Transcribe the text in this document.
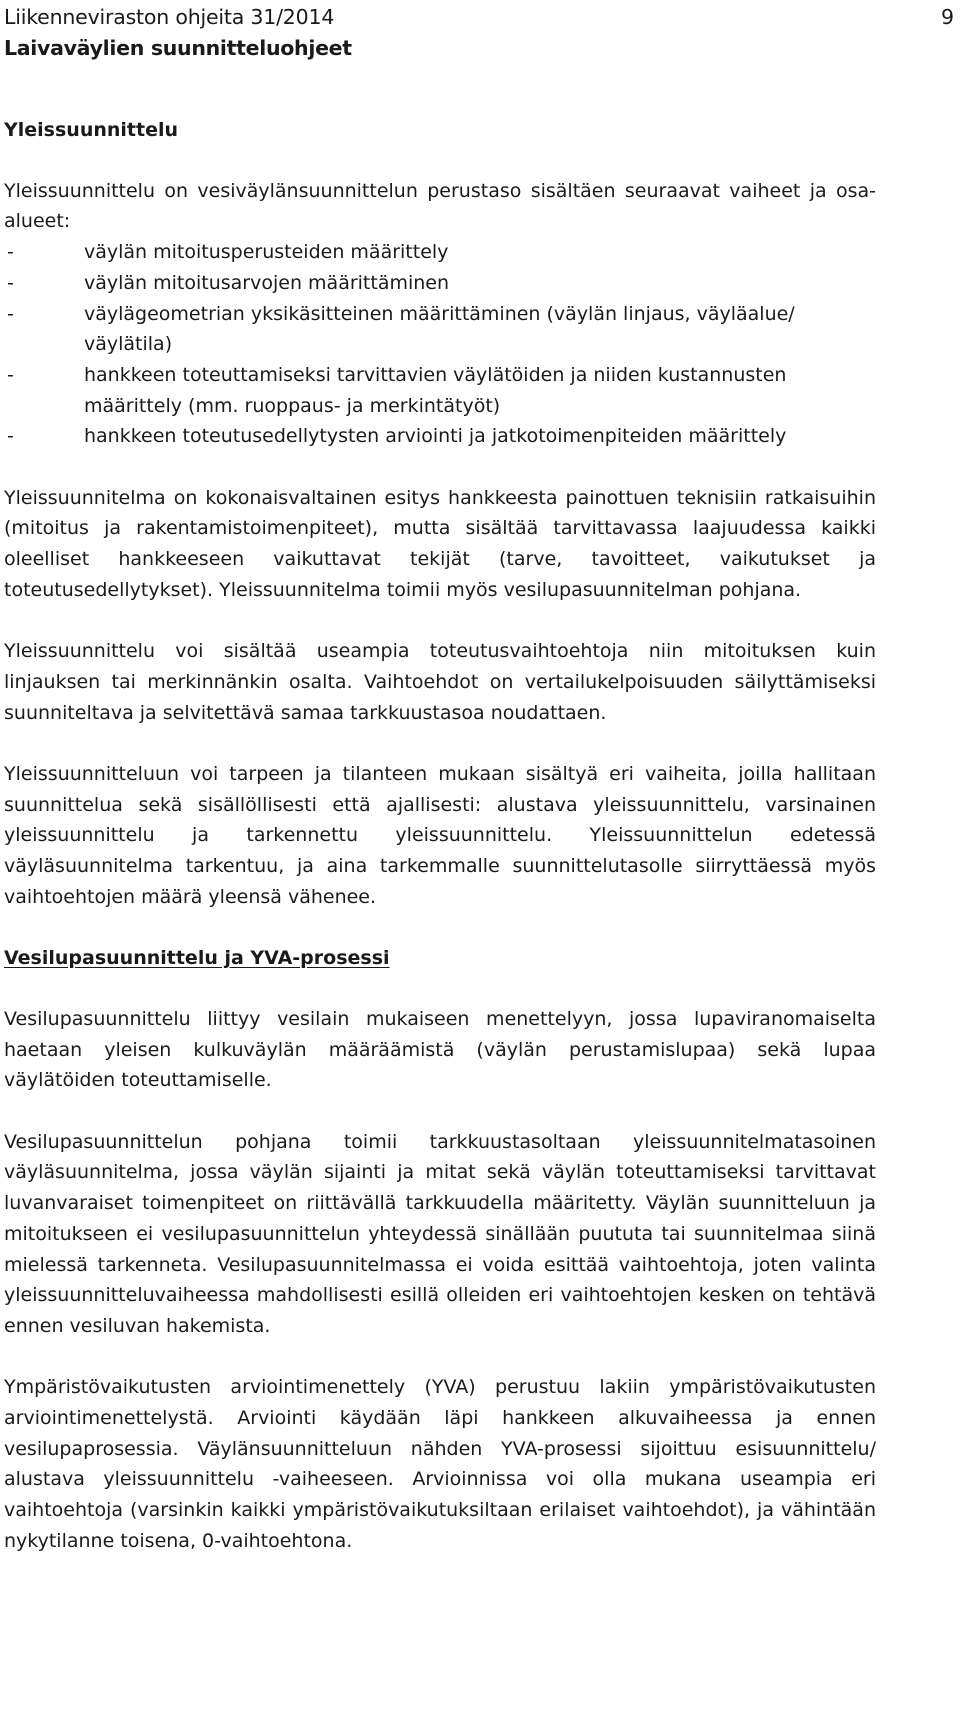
Liikenneviraston ohjeita 31/2014
Laivaväylien suunnitteluohjeet
9
Yleissuunnittelu

Yleissuunnittelu on vesiväylänsuunnittelun perustaso sisältäen seuraavat vaiheet ja osa-alueet:

- väylän mitoitusperusteiden määrittely
- väylän mitoitusarvojen määrittäminen
- väylägeometrian yksikäsitteinen määrittäminen (väylän linjaus, väyläalue/ väylätila)
- hankkeen toteuttamiseksi tarvittavien väylätöiden ja niiden kustannusten määrittely (mm. ruoppaus- ja merkintätyöt)
- hankkeen toteutusedellytysten arviointi ja jatkotoimenpiteiden määrittely

Yleissuunnitelma on kokonaisvaltainen esitys hankkeesta painottuen teknisiin ratkaisuihin (mitoitus ja rakentamistoimenpiteet), mutta sisältää tarvittavassa laajuudessa kaikki oleelliset hankkeeseen vaikuttavat tekijät (tarve, tavoitteet, vaikutukset ja toteutusedellytykset). Yleissuunnitelma toimii myös vesilupasuunnitelman pohjana.

Yleissuunnittelu voi sisältää useampia toteutusvaihtoehtoja niin mitoituksen kuin linjauksen tai merkinnänkin osalta. Vaihtoehdot on vertailukelpoisuuden säilyttämiseksi suunniteltava ja selvitettävä samaa tarkkuustasoa noudattaen.

Yleissuunnitteluun voi tarpeen ja tilanteen mukaan sisältyä eri vaiheita, joilla hallitaan suunnittelua sekä sisällöllisesti että ajallisesti: alustava yleissuunnittelu, varsinainen yleissuunnittelu ja tarkennettu yleissuunnittelu. Yleissuunnittelun edetessä väyläsuunnitelma tarkentuu, ja aina tarkemmalle suunnittelutasolle siirryttäessä myös vaihtoehtojen määrä yleensä vähenee.

Vesilupasuunnittelu ja YVA-prosessi

Vesilupasuunnittelu liittyy vesilain mukaiseen menettelyyn, jossa lupaviranomaiselta haetaan yleisen kulkuväylän määräämistä (väylän perustamislupaa) sekä lupaa väylätöiden toteuttamiselle.

Vesilupasuunnittelun pohjana toimii tarkkuustasoltaan yleissuunnitelmatasoinen väyläsuunnitelma, jossa väylän sijainti ja mitat sekä väylän toteuttamiseksi tarvittavat luvanvaraiset toimenpiteet on riittävällä tarkkuudella määritetty. Väylän suunnitteluun ja mitoitukseen ei vesilupasuunnittelun yhteydessä sinällään puututa tai suunnitelmaa siinä mielessä tarkenneta. Vesilupasuunnitelmassa ei voida esittää vaihtoehtoja, joten valinta yleissuunnitteluvaiheessa mahdollisesti esillä olleiden eri vaihtoehtojen kesken on tehtävä ennen vesiluvan hakemista.

Ympäristövaikutusten arviointimenettely (YVA) perustuu lakiin ympäristövaikutusten arviointimenettelystä. Arviointi käydään läpi hankkeen alkuvaiheessa ja ennen vesilupaprosessia. Väylänsuunnitteluun nähden YVA-prosessi sijoittuu esisuunnittelu/ alustava yleissuunnittelu -vaiheeseen. Arvioinnissa voi olla mukana useampia eri vaihtoehtoja (varsinkin kaikki ympäristövaikutuksiltaan erilaiset vaihtoehdot), ja vähintään nykytilanne toisena, 0-vaihtoehtona.
